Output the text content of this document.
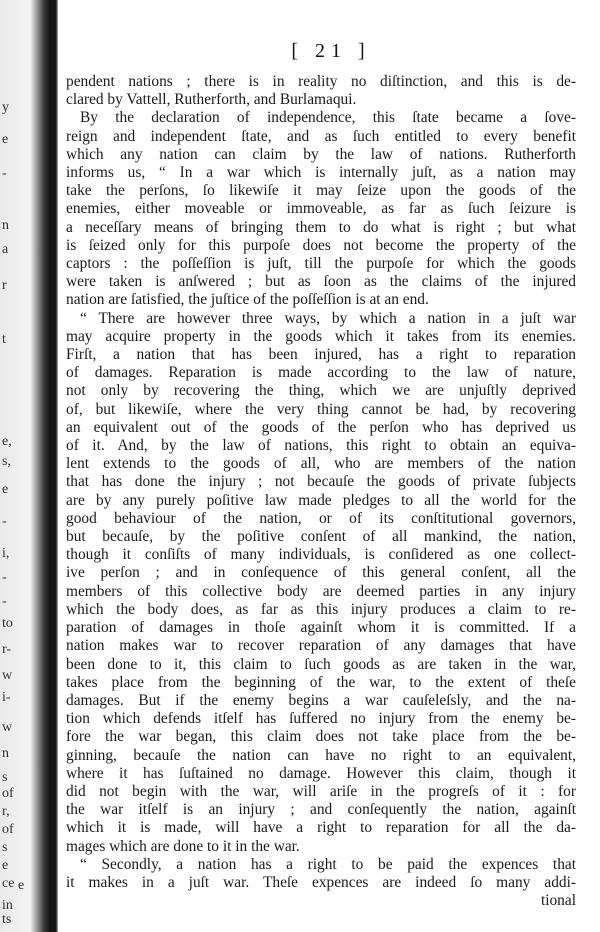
y
e
-
n
a
r
t
e,
s,
e
-
i,
-
-
to
r-
w
i-
w
n
s
of
r,
of
s
e
ce
in
e
ts
[ 21 ]
pendent nations ; there is in reality no diſtinction, and this is de-
clared by Vattell, Rutherforth, and Burlamaqui.
By the declaration of independence, this ſtate became a ſove-
reign and independent ſtate, and as ſuch entitled to every benefit
which any nation can claim by the law of nations. Rutherforth
informs us, “ In a war which is internally juſt, as a nation may
take the perſons, ſo likewiſe it may ſeize upon the goods of the
enemies, either moveable or immoveable, as far as ſuch ſeizure is
a neceſſary means of bringing them to do what is right ; but what
is ſeized only for this purpoſe does not become the property of the
captors : the poſſeſſion is juſt, till the purpoſe for which the goods
were taken is anſwered ; but as ſoon as the claims of the injured
nation are ſatisfied, the juſtice of the poſſeſſion is at an end.
“ There are however three ways, by which a nation in a juſt war
may acquire property in the goods which it takes from its enemies.
Firſt, a nation that has been injured, has a right to reparation
of damages. Reparation is made according to the law of nature,
not only by recovering the thing, which we are unjuſtly deprived
of, but likewiſe, where the very thing cannot be had, by recovering
an equivalent out of the goods of the perſon who has deprived us
of it. And, by the law of nations, this right to obtain an equiva-
lent extends to the goods of all, who are members of the nation
that has done the injury ; not becauſe the goods of private ſubjects
are by any purely poſitive law made pledges to all the world for the
good behaviour of the nation, or of its conſtitutional governors,
but becauſe, by the poſitive conſent of all mankind, the nation,
though it conſiſts of many individuals, is conſidered as one collect-
ive perſon ; and in conſequence of this general conſent, all the
members of this collective body are deemed parties in any injury
which the body does, as far as this injury produces a claim to re-
paration of damages in thoſe againſt whom it is committed. If a
nation makes war to recover reparation of any damages that have
been done to it, this claim to ſuch goods as are taken in the war,
takes place from the beginning of the war, to the extent of theſe
damages. But if the enemy begins a war cauſeleſsly, and the na-
tion which defends itſelf has ſuffered no injury from the enemy be-
fore the war began, this claim does not take place from the be-
ginning, becauſe the nation can have no right to an equivalent,
where it has ſuſtained no damage. However this claim, though it
did not begin with the war, will ariſe in the progreſs of it : for
the war itſelf is an injury ; and conſequently the nation, againſt
which it is made, will have a right to reparation for all the da-
mages which are done to it in the war.
“ Secondly, a nation has a right to be paid the expences that
it makes in a juſt war. Theſe expences are indeed ſo many addi-
tional
